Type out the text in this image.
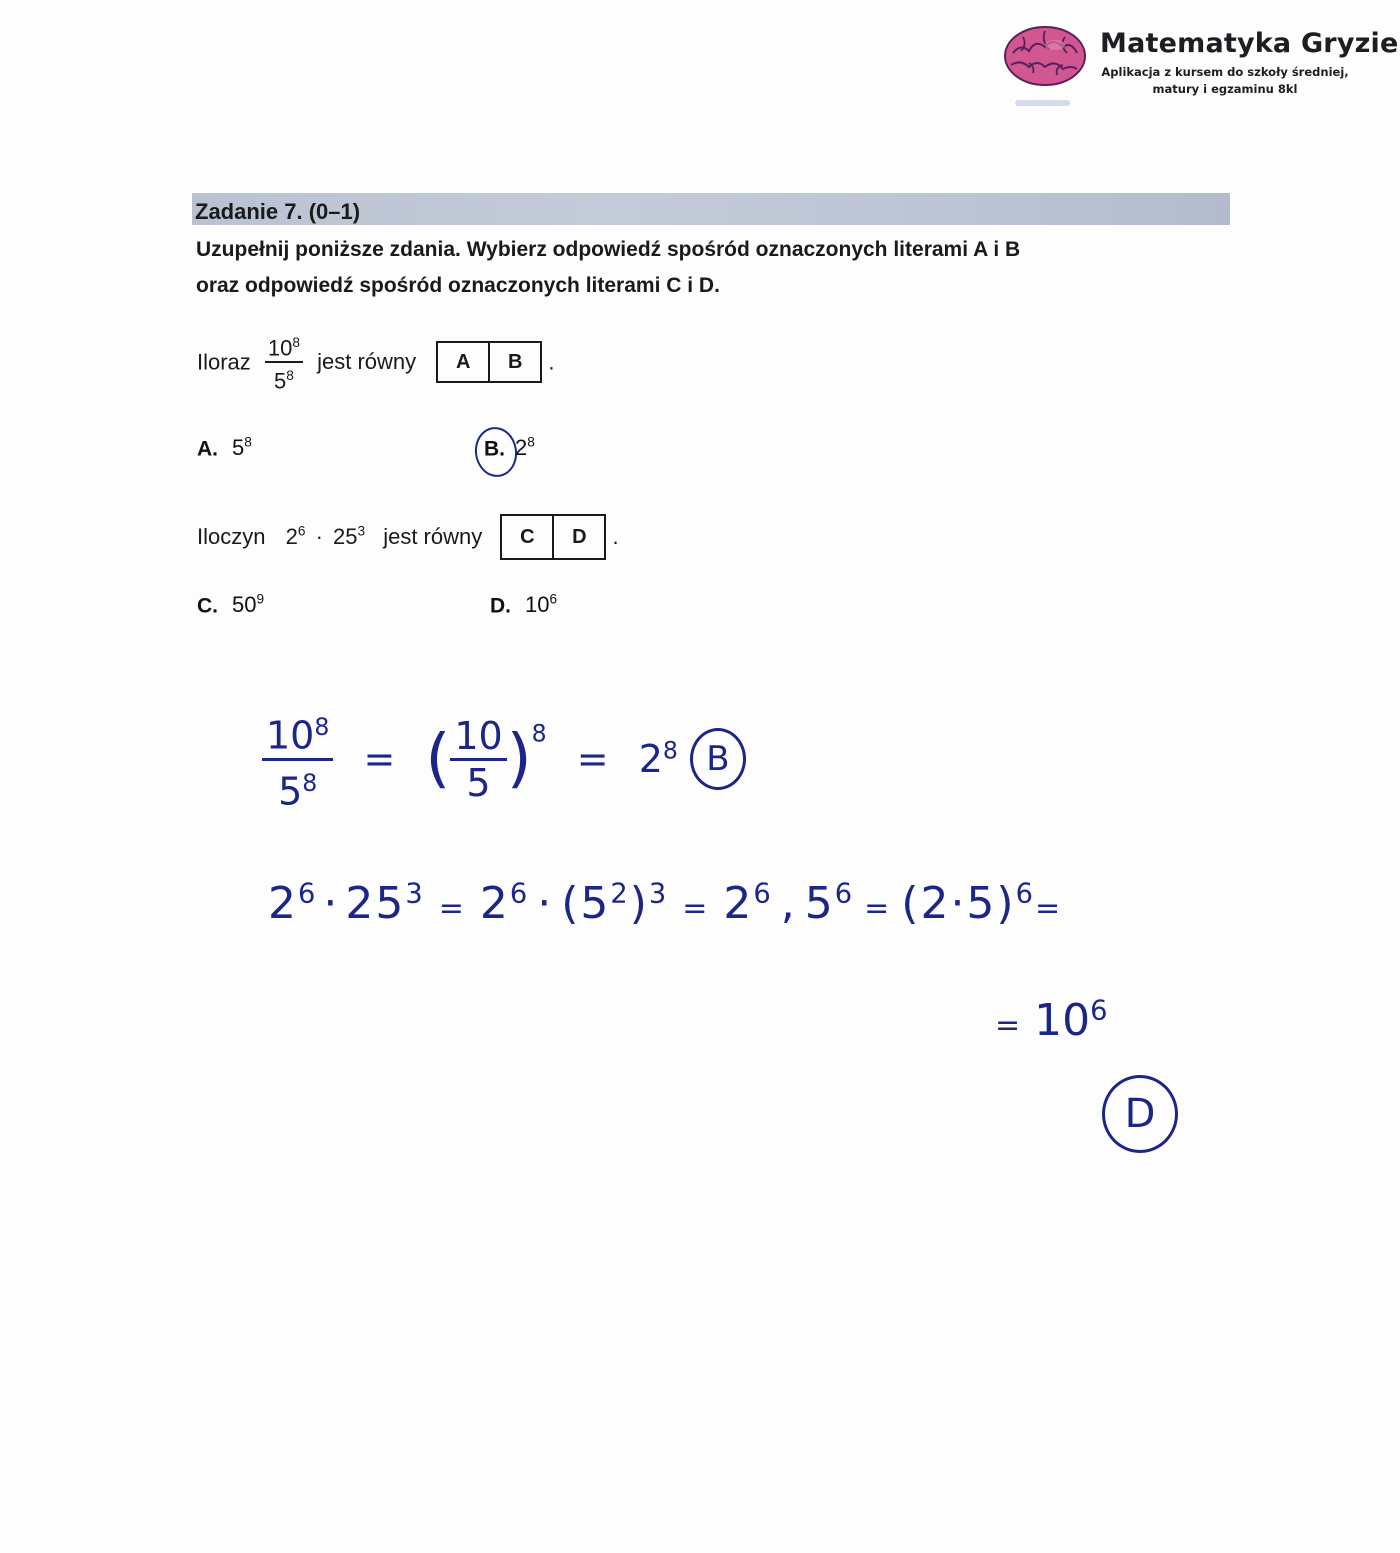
Matematyka Gryzie
Aplikacja z kursem do szkoły średniej,
matury i egzaminu 8kl
Zadanie 7. (0–1)
Uzupełnij poniższe zdania. Wybierz odpowiedź spośród oznaczonych literami A i B
oraz odpowiedź spośród oznaczonych literami C i D.
Iloraz $\frac{10^8}{5^8}$ jest równy	A	B	.
A. $5^8$	B. $2^8$
Iloczyn $2^6 \cdot 25^3$ jest równy	C	D	.
C. $50^9$	D. $10^6$
$\frac{10^8}{5^8}$ = ( $\frac{10}{5} )^8 = 2^8$ B
$2^6 \cdot 25^3 = 2^6 \cdot (5^2)^3 = 2^6$ , $5^6 = (2\cdot 5)^6=$
= $10^6$
D
